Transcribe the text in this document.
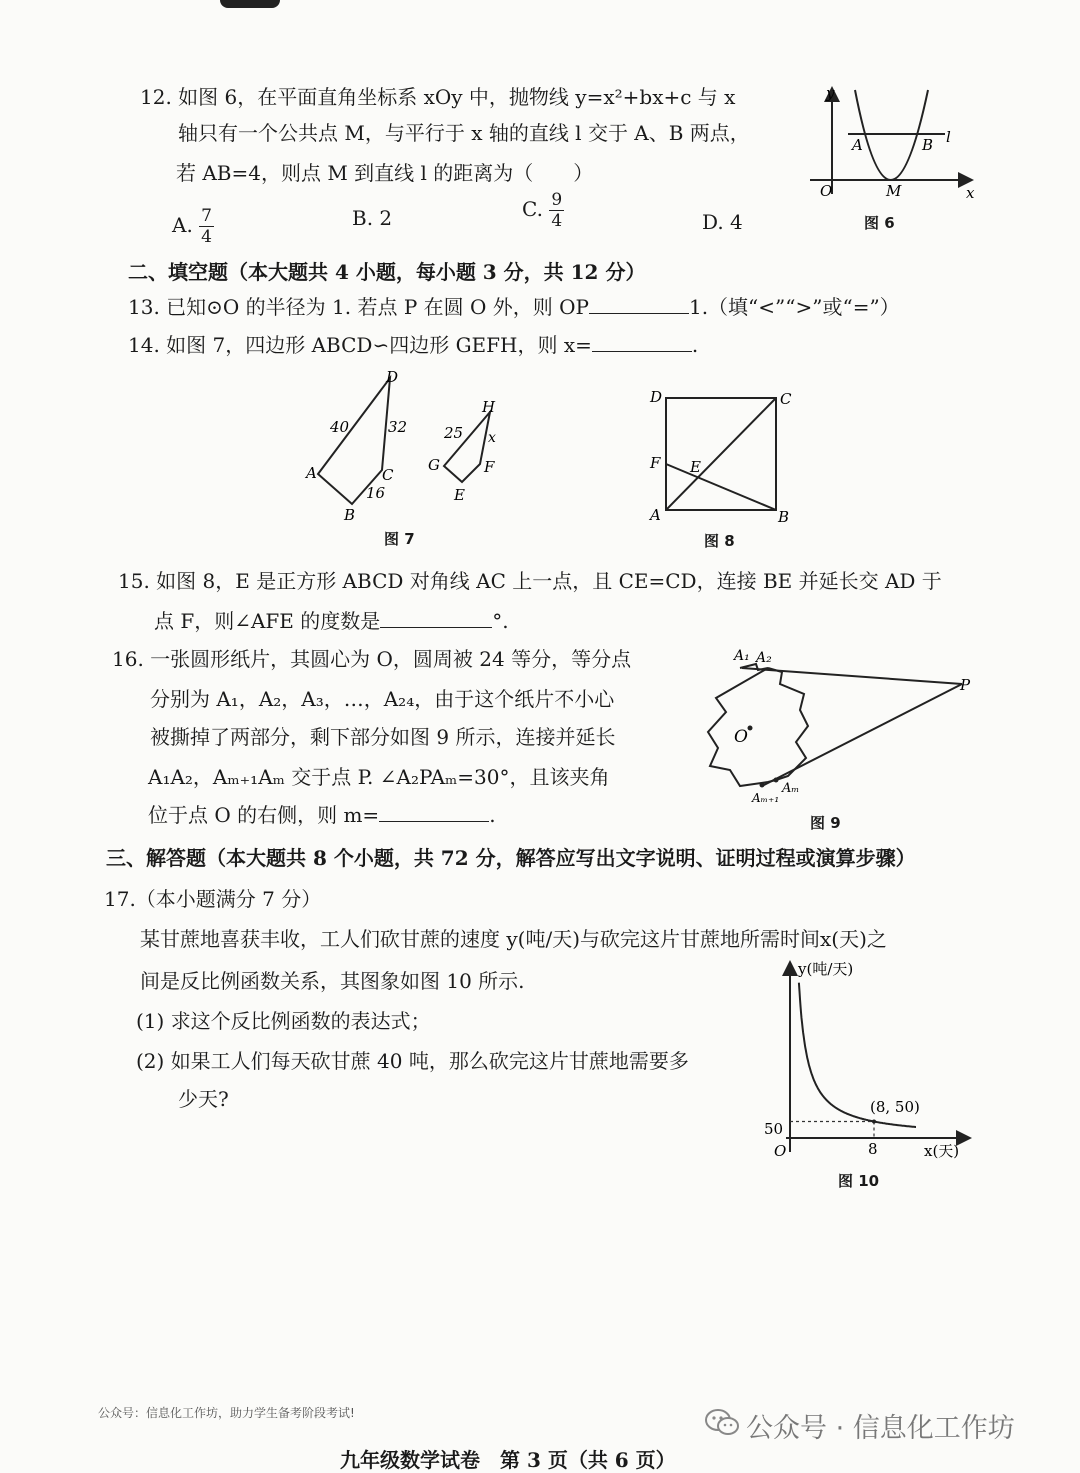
12. 如图 6，在平面直角坐标系 xOy 中，抛物线 y=x²+bx+c 与 x
轴只有一个公共点 M，与平行于 x 轴的直线 l 交于 A、B 两点，
若 AB=4，则点 M 到直线 l 的距离为（　　）
A. $\frac{7}{4}$	B. 2	C. $\frac{9}{4}$	D. 4
y
x
O
A	B l
M
图 6
二、填空题（本大题共 4 小题，每小题 3 分，共 12 分）
13. 已知⊙O 的半径为 1. 若点 P 在圆 O 外，则 OP	1.（填“<”“>”或“=”）
14. 如图 7，四边形 ABCD∽四边形 GEFH，则 x=	.
D
A
B
C
40	32
16
H
G
E
F
25 x
图 7
D	C
A	B
F E
图 8
15. 如图 8，E 是正方形 ABCD 对角线 AC 上一点，且 CE=CD，连接 BE 并延长交 AD 于
点 F，则∠AFE 的度数是	°.
16. 一张圆形纸片，其圆心为 O，圆周被 24 等分，等分点
分别为 A₁，A₂，A₃，…，A₂₄，由于这个纸片不小心
被撕掉了两部分，剩下部分如图 9 所示，连接并延长
A₁A₂，Aₘ₊₁Aₘ 交于点 P. ∠A₂PAₘ=30°，且该夹角
位于点 O 的右侧，则 m=	.
A₁ A₂
P
O
Aₘ₊₁
Aₘ
图 9
三、解答题（本大题共 8 个小题，共 72 分，解答应写出文字说明、证明过程或演算步骤）
17.（本小题满分 7 分）
某甘蔗地喜获丰收，工人们砍甘蔗的速度 y(吨/天)与砍完这片甘蔗地所需时间x(天)之
间是反比例函数关系，其图象如图 10 所示.
(1) 求这个反比例函数的表达式；
(2) 如果工人们每天砍甘蔗 40 吨，那么砍完这片甘蔗地需要多
少天?
y(吨/天)
x(天)
O
(8, 50)
50
8
图 10
公众号：信息化工作坊，助力学生备考阶段考试!	公众号 · 信息化工作坊
九年级数学试卷　第 3 页（共 6 页）
